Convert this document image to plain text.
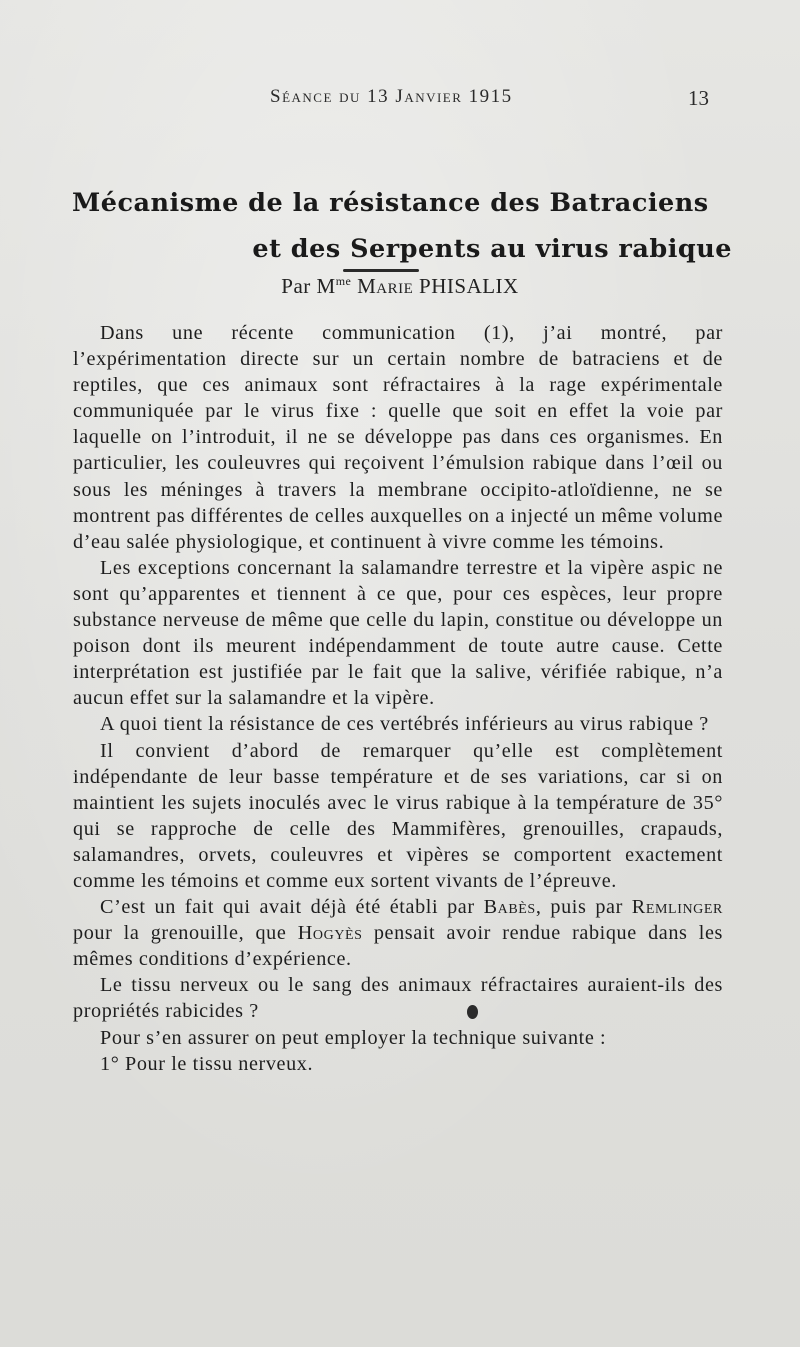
Séance du 13 Janvier 1915	13
Mécanisme de la résistance des Batraciens
et des Serpents au virus rabique
Par $M^{me}$ Marie PHISALIX

Dans une récente communication (1), j’ai montré, par l’expérimentation directe sur un certain nombre de batraciens et de reptiles, que ces animaux sont réfractaires à la rage expérimentale communiquée par le virus fixe : quelle que soit en effet la voie par laquelle on l’introduit, il ne se développe pas dans ces organismes. En particulier, les couleuvres qui reçoivent l’émulsion rabique dans l’œil ou sous les méninges à travers la membrane occipito-atloïdienne, ne se montrent pas différentes de celles auxquelles on a injecté un même volume d’eau salée physiologique, et continuent à vivre comme les témoins.

Les exceptions concernant la salamandre terrestre et la vipère aspic ne sont qu’apparentes et tiennent à ce que, pour ces espèces, leur propre substance nerveuse de même que celle du lapin, constitue ou développe un poison dont ils meurent indépendamment de toute autre cause. Cette interprétation est justifiée par le fait que la salive, vérifiée rabique, n’a aucun effet sur la salamandre et la vipère.

A quoi tient la résistance de ces vertébrés inférieurs au virus rabique ?

Il convient d’abord de remarquer qu’elle est complètement indépendante de leur basse température et de ses variations, car si on maintient les sujets inoculés avec le virus rabique à la température de 35° qui se rapproche de celle des Mammifères, grenouilles, crapauds, salamandres, orvets, couleuvres et vipères se comportent exactement comme les témoins et comme eux sortent vivants de l’épreuve.

C’est un fait qui avait déjà été établi par Babès, puis par Remlinger pour la grenouille, que Hogyès pensait avoir rendue rabique dans les mêmes conditions d’expérience.

Le tissu nerveux ou le sang des animaux réfractaires auraient-ils des propriétés rabicides ?

Pour s’en assurer on peut employer la technique suivante :

1° Pour le tissu nerveux.
